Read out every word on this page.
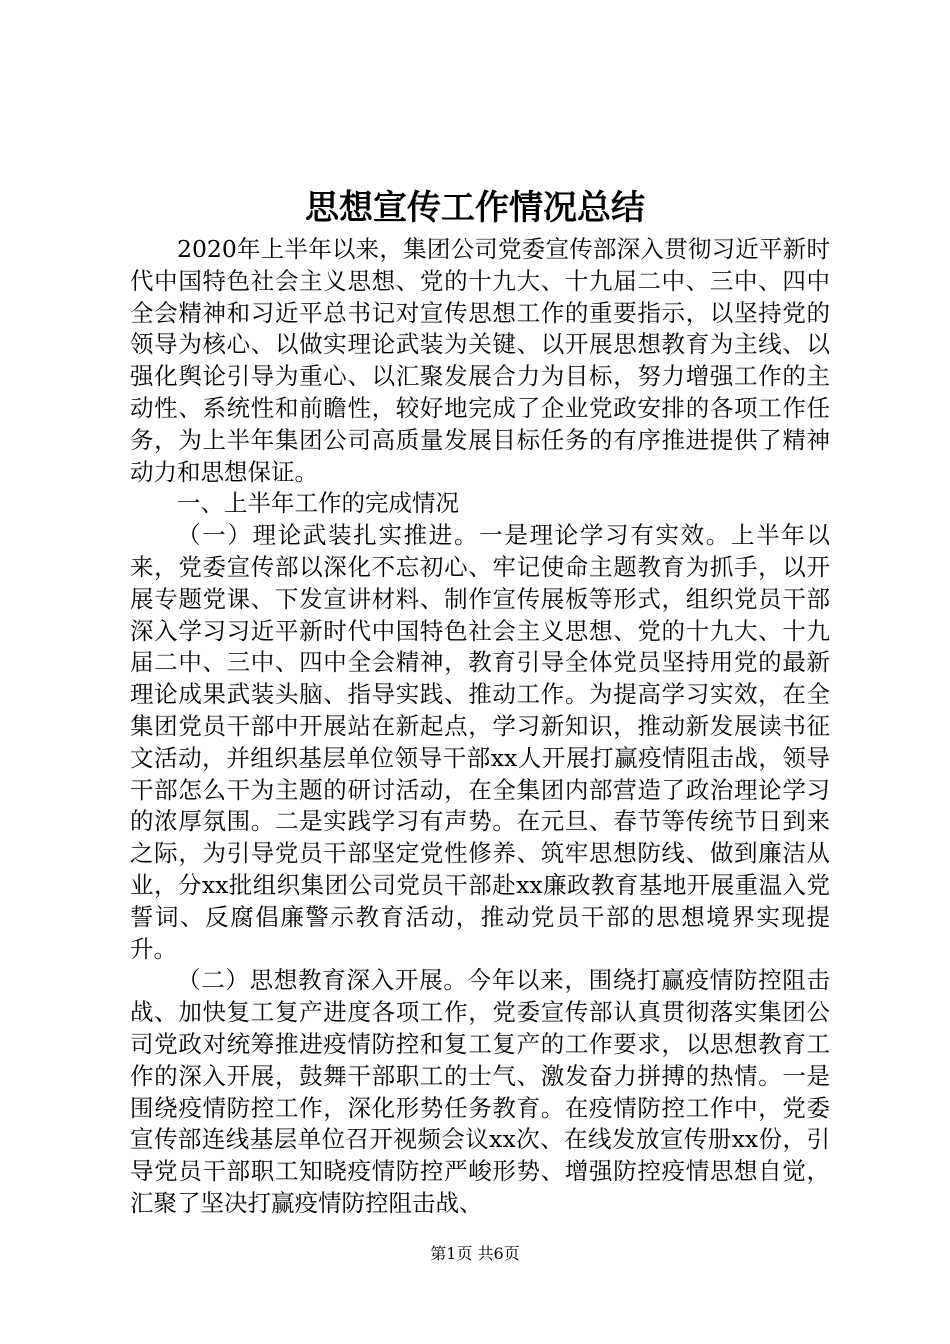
思想宣传工作情况总结

2020年上半年以来，集团公司党委宣传部深入贯彻习近平新时代中国特色社会主义思想、党的十九大、十九届二中、三中、四中全会精神和习近平总书记对宣传思想工作的重要指示，以坚持党的领导为核心、以做实理论武装为关键、以开展思想教育为主线、以强化舆论引导为重心、以汇聚发展合力为目标，努力增强工作的主动性、系统性和前瞻性，较好地完成了企业党政安排的各项工作任务，为上半年集团公司高质量发展目标任务的有序推进提供了精神动力和思想保证。

一、上半年工作的完成情况

（一）理论武装扎实推进。一是理论学习有实效。上半年以来，党委宣传部以深化不忘初心、牢记使命主题教育为抓手，以开展专题党课、下发宣讲材料、制作宣传展板等形式，组织党员干部深入学习习近平新时代中国特色社会主义思想、党的十九大、十九届二中、三中、四中全会精神，教育引导全体党员坚持用党的最新理论成果武装头脑、指导实践、推动工作。为提高学习实效，在全集团党员干部中开展站在新起点，学习新知识，推动新发展读书征文活动，并组织基层单位领导干部xx人开展打赢疫情阻击战，领导干部怎么干为主题的研讨活动，在全集团内部营造了政治理论学习的浓厚氛围。二是实践学习有声势。在元旦、春节等传统节日到来之际，为引导党员干部坚定党性修养、筑牢思想防线、做到廉洁从业，分xx批组织集团公司党员干部赴xx廉政教育基地开展重温入党誓词、反腐倡廉警示教育活动，推动党员干部的思想境界实现提升。

（二）思想教育深入开展。今年以来，围绕打赢疫情防控阻击战、加快复工复产进度各项工作，党委宣传部认真贯彻落实集团公司党政对统筹推进疫情防控和复工复产的工作要求，以思想教育工作的深入开展，鼓舞干部职工的士气、激发奋力拼搏的热情。一是围绕疫情防控工作，深化形势任务教育。在疫情防控工作中，党委宣传部连线基层单位召开视频会议xx次、在线发放宣传册xx份，引导党员干部职工知晓疫情防控严峻形势、增强防控疫情思想自觉，汇聚了坚决打赢疫情防控阻击战、

第1页 共6页
